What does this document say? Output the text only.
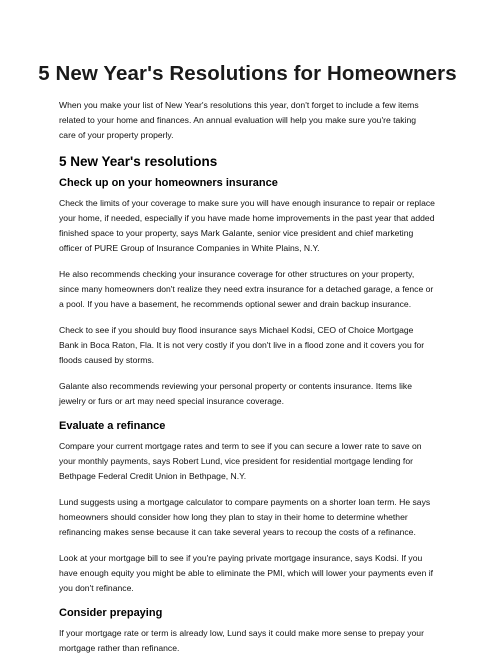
5 New Year's Resolutions for Homeowners

When you make your list of New Year's resolutions this year, don't forget to include a few items related to your home and finances. An annual evaluation will help you make sure you're taking care of your property properly.

5 New Year's resolutions
Check up on your homeowners insurance

Check the limits of your coverage to make sure you will have enough insurance to repair or replace your home, if needed, especially if you have made home improvements in the past year that added finished space to your property, says Mark Galante, senior vice president and chief marketing officer of PURE Group of Insurance Companies in White Plains, N.Y.

He also recommends checking your insurance coverage for other structures on your property, since many homeowners don't realize they need extra insurance for a detached garage, a fence or a pool. If you have a basement, he recommends optional sewer and drain backup insurance.

Check to see if you should buy flood insurance says Michael Kodsi, CEO of Choice Mortgage Bank in Boca Raton, Fla. It is not very costly if you don't live in a flood zone and it covers you for floods caused by storms.

Galante also recommends reviewing your personal property or contents insurance. Items like jewelry or furs or art may need special insurance coverage.

Evaluate a refinance

Compare your current mortgage rates and term to see if you can secure a lower rate to save on your monthly payments, says Robert Lund, vice president for residential mortgage lending for Bethpage Federal Credit Union in Bethpage, N.Y.

Lund suggests using a mortgage calculator to compare payments on a shorter loan term. He says homeowners should consider how long they plan to stay in their home to determine whether refinancing makes sense because it can take several years to recoup the costs of a refinance.

Look at your mortgage bill to see if you're paying private mortgage insurance, says Kodsi. If you have enough equity you might be able to eliminate the PMI, which will lower your payments even if you don't refinance.

Consider prepaying

If your mortgage rate or term is already low, Lund says it could make more sense to prepay your mortgage rather than refinance.
